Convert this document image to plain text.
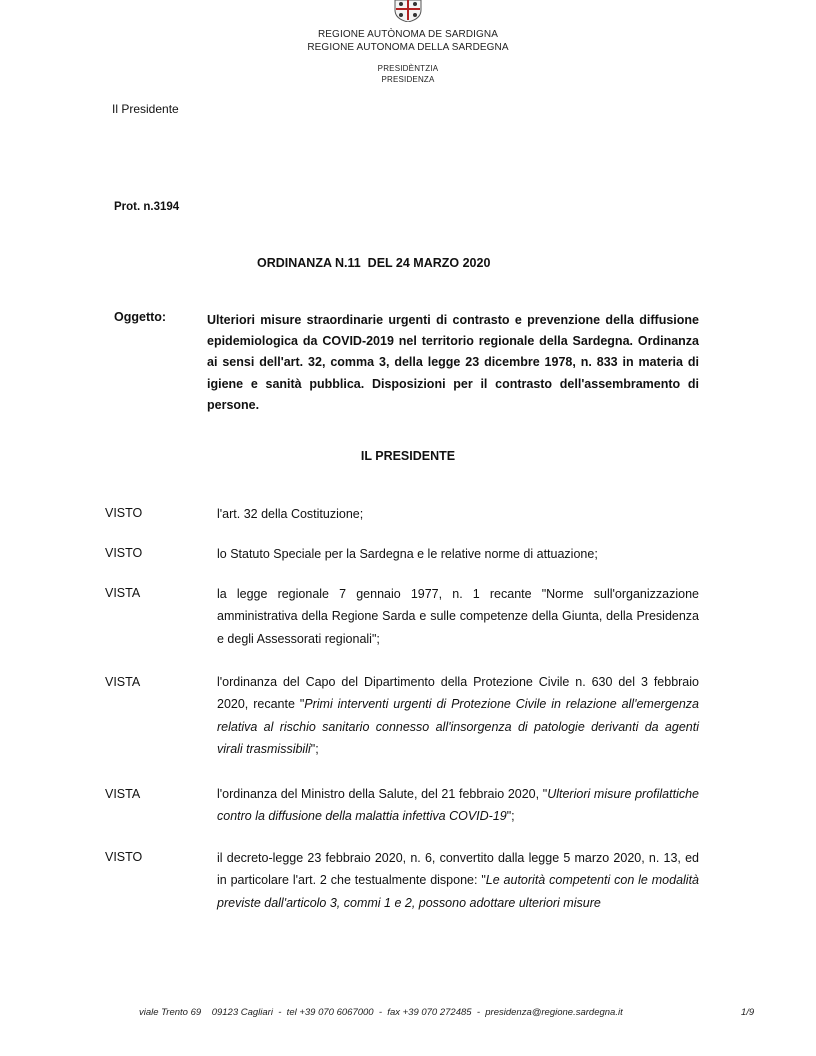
REGIONE AUTÒNOMA DE SARDIGNA
REGIONE AUTONOMA DELLA SARDEGNA
PRESIDÈNTZIA
PRESIDENZA
Il Presidente
Prot. n.3194
ORDINANZA N.11  DEL 24 MARZO 2020
Oggetto:	Ulteriori misure straordinarie urgenti di contrasto e prevenzione della diffusione epidemiologica da COVID-2019 nel territorio regionale della Sardegna. Ordinanza ai sensi dell'art. 32, comma 3, della legge 23 dicembre 1978, n. 833 in materia di igiene e sanità pubblica. Disposizioni per il contrasto dell'assembramento di persone.
IL PRESIDENTE
VISTO	l'art. 32 della Costituzione;
VISTO	lo Statuto Speciale per la Sardegna e le relative norme di attuazione;
VISTA	la legge regionale 7 gennaio 1977, n. 1 recante "Norme sull'organizzazione amministrativa della Regione Sarda e sulle competenze della Giunta, della Presidenza e degli Assessorati regionali";
VISTA	l'ordinanza del Capo del Dipartimento della Protezione Civile n. 630 del 3 febbraio 2020, recante "Primi interventi urgenti di Protezione Civile in relazione all'emergenza relativa al rischio sanitario connesso all'insorgenza di patologie derivanti da agenti virali trasmissibili";
VISTA	l'ordinanza del Ministro della Salute, del 21 febbraio 2020, "Ulteriori misure profilattiche contro la diffusione della malattia infettiva COVID-19";
VISTO	il decreto-legge 23 febbraio 2020, n. 6, convertito dalla legge 5 marzo 2020, n. 13, ed in particolare l'art. 2 che testualmente dispone: "Le autorità competenti con le modalità previste dall'articolo 3, commi 1 e 2, possono adottare ulteriori misure
viale Trento 69    09123 Cagliari  -  tel +39 070 6067000  -  fax +39 070 272485  -  presidenza@regione.sardegna.it	1/9
